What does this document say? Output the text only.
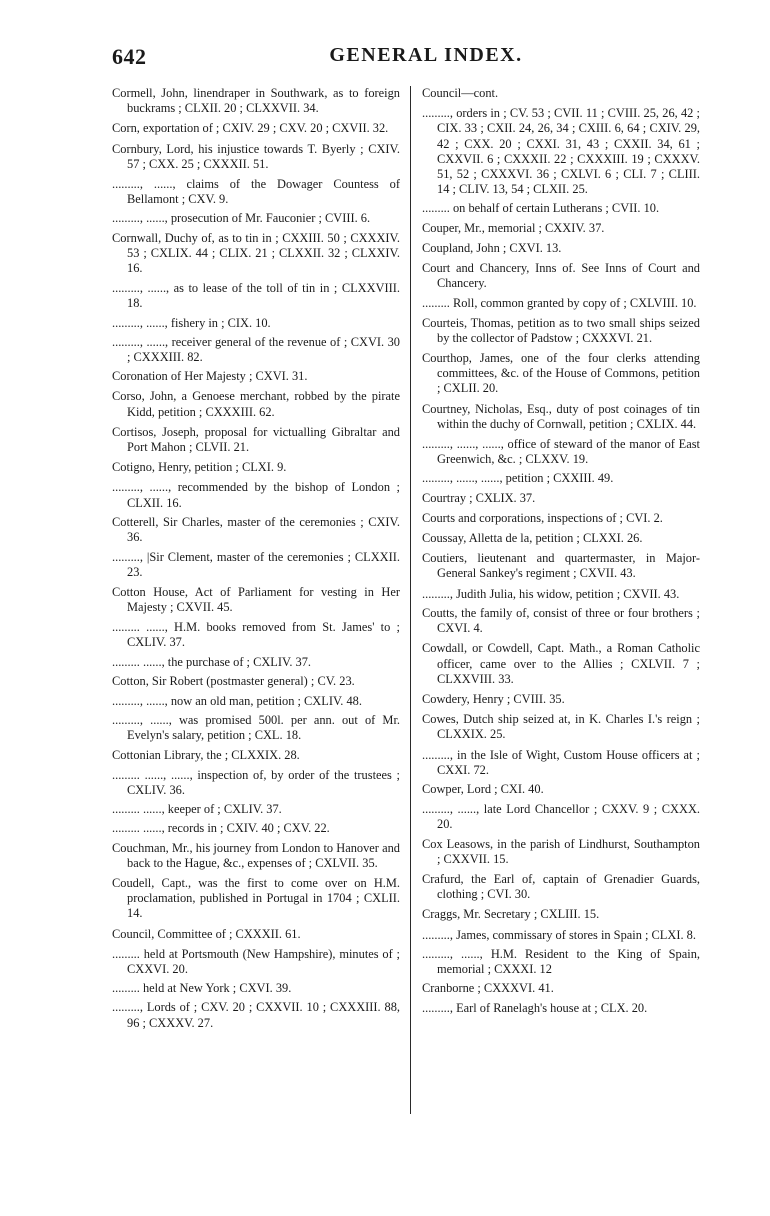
642	GENERAL INDEX.

Cormell, John, linendraper in Southwark, as to foreign buckrams ; CLXII. 20 ; CLXXVII. 34.

Corn, exportation of ; CXIV. 29 ; CXV. 20 ; CXVII. 32.

Cornbury, Lord, his injustice towards T. Byerly ; CXIV. 57 ; CXX. 25 ; CXXXII. 51.

........., ......, claims of the Dowager Countess of Bellamont ; CXV. 9.

........., ......, prosecution of Mr. Fauconier ; CVIII. 6.

Cornwall, Duchy of, as to tin in ; CXXIII. 50 ; CXXXIV. 53 ; CXLIX. 44 ; CLIX. 21 ; CLXXII. 32 ; CLXXIV. 16.

........., ......, as to lease of the toll of tin in ; CLXXVIII. 18.

........., ......, fishery in ; CIX. 10.

........., ......, receiver general of the revenue of ; CXVI. 30 ; CXXXIII. 82.

Coronation of Her Majesty ; CXVI. 31.

Corso, John, a Genoese merchant, robbed by the pirate Kidd, petition ; CXXXIII. 62.

Cortisos, Joseph, proposal for victualling Gibraltar and Port Mahon ; CLVII. 21.

Cotigno, Henry, petition ; CLXI. 9.

........., ......, recommended by the bishop of London ; CLXII. 16.

Cotterell, Sir Charles, master of the ceremonies ; CXIV. 36.

........., |Sir Clement, master of the ceremonies ; CLXXII. 23.

Cotton House, Act of Parliament for vesting in Her Majesty ; CXVII. 45.

......... ......, H.M. books removed from St. James' to ; CXLIV. 37.

......... ......, the purchase of ; CXLIV. 37.

Cotton, Sir Robert (postmaster general) ; CV. 23.

........., ......, now an old man, petition ; CXLIV. 48.

........., ......, was promised 500l. per ann. out of Mr. Evelyn's salary, petition ; CXL. 18.

Cottonian Library, the ; CLXXIX. 28.

......... ......, ......, inspection of, by order of the trustees ; CXLIV. 36.

......... ......, keeper of ; CXLIV. 37.

......... ......, records in ; CXIV. 40 ; CXV. 22.

Couchman, Mr., his journey from London to Hanover and back to the Hague, &c., expenses of ; CXLVII. 35.

Coudell, Capt., was the first to come over on H.M. proclamation, published in Portugal in 1704 ; CXLII. 14.

Council, Committee of ; CXXXII. 61.

......... held at Portsmouth (New Hampshire), minutes of ; CXXVI. 20.

......... held at New York ; CXVI. 39.

........., Lords of ; CXV. 20 ; CXXVII. 10 ; CXXXIII. 88, 96 ; CXXXV. 27.

Council—cont.

........., orders in ; CV. 53 ; CVII. 11 ; CVIII. 25, 26, 42 ; CIX. 33 ; CXII. 24, 26, 34 ; CXIII. 6, 64 ; CXIV. 29, 42 ; CXX. 20 ; CXXI. 31, 43 ; CXXII. 34, 61 ; CXXVII. 6 ; CXXXII. 22 ; CXXXIII. 19 ; CXXXV. 51, 52 ; CXXXVI. 36 ; CXLVI. 6 ; CLI. 7 ; CLIII. 14 ; CLIV. 13, 54 ; CLXII. 25.

......... on behalf of certain Lutherans ; CVII. 10.

Couper, Mr., memorial ; CXXIV. 37.

Coupland, John ; CXVI. 13.

Court and Chancery, Inns of. See Inns of Court and Chancery.

......... Roll, common granted by copy of ; CXLVIII. 10.

Courteis, Thomas, petition as to two small ships seized by the collector of Padstow ; CXXXVI. 21.

Courthop, James, one of the four clerks attending committees, &c. of the House of Commons, petition ; CXLII. 20.

Courtney, Nicholas, Esq., duty of post coinages of tin within the duchy of Cornwall, petition ; CXLIX. 44.

........., ......, ......, office of steward of the manor of East Greenwich, &c. ; CLXXV. 19.

........., ......, ......, petition ; CXXIII. 49.

Courtray ; CXLIX. 37.

Courts and corporations, inspections of ; CVI. 2.

Coussay, Alletta de la, petition ; CLXXI. 26.

Coutiers, lieutenant and quartermaster, in Major-General Sankey's regiment ; CXVII. 43.

........., Judith Julia, his widow, petition ; CXVII. 43.

Coutts, the family of, consist of three or four brothers ; CXVI. 4.

Cowdall, or Cowdell, Capt. Math., a Roman Catholic officer, came over to the Allies ; CXLVII. 7 ; CLXXVIII. 33.

Cowdery, Henry ; CVIII. 35.

Cowes, Dutch ship seized at, in K. Charles I.'s reign ; CLXXIX. 25.

........., in the Isle of Wight, Custom House officers at ; CXXI. 72.

Cowper, Lord ; CXI. 40.

........., ......, late Lord Chancellor ; CXXV. 9 ; CXXX. 20.

Cox Leasows, in the parish of Lindhurst, Southampton ; CXXVII. 15.

Crafurd, the Earl of, captain of Grenadier Guards, clothing ; CVI. 30.

Craggs, Mr. Secretary ; CXLIII. 15.

........., James, commissary of stores in Spain ; CLXI. 8.

........., ......, H.M. Resident to the King of Spain, memorial ; CXXXI. 12

Cranborne ; CXXXVI. 41.

........., Earl of Ranelagh's house at ; CLX. 20.
